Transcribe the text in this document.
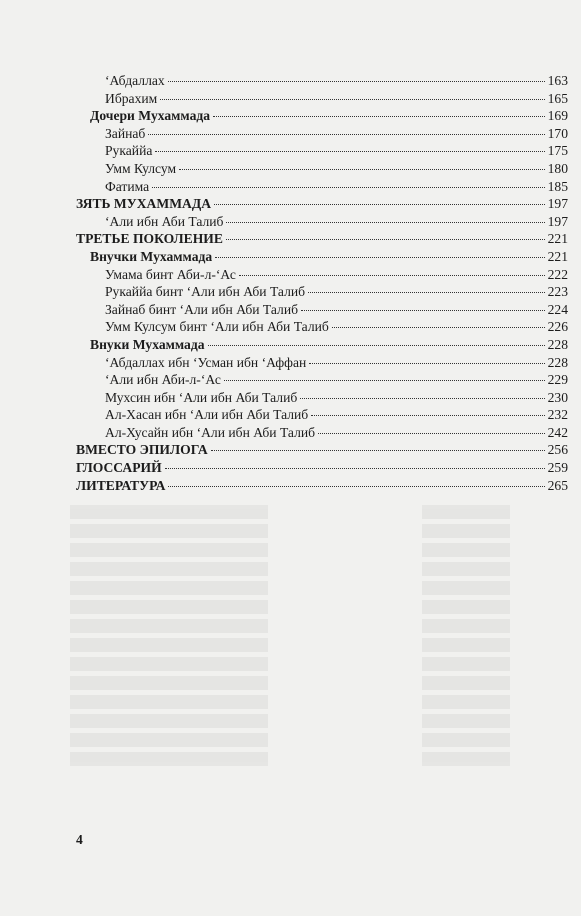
‘Абдаллах	163
Ибрахим	165
Дочери Мухаммада	169
Зайнаб	170
Рукаййа	175
Умм Кулсум	180
Фатима	185
ЗЯТЬ МУХАММАДА	197
‘Али ибн Аби Талиб	197
ТРЕТЬЕ ПОКОЛЕНИЕ	221
Внучки Мухаммада	221
Умама бинт Аби-л-‘Ас	222
Рукаййа бинт ‘Али ибн Аби Талиб	223
Зайнаб бинт ‘Али ибн Аби Талиб	224
Умм Кулсум бинт ‘Али ибн Аби Талиб	226
Внуки Мухаммада	228
‘Абдаллах ибн ‘Усман ибн ‘Аффан	228
‘Али ибн Аби-л-‘Ас	229
Мухсин ибн ‘Али ибн Аби Талиб	230
Ал-Хасан ибн ‘Али ибн Аби Талиб	232
Ал-Хусайн ибн ‘Али ибн Аби Талиб	242
ВМЕСТО ЭПИЛОГА	256
ГЛОССАРИЙ	259
ЛИТЕРАТУРА	265
4
